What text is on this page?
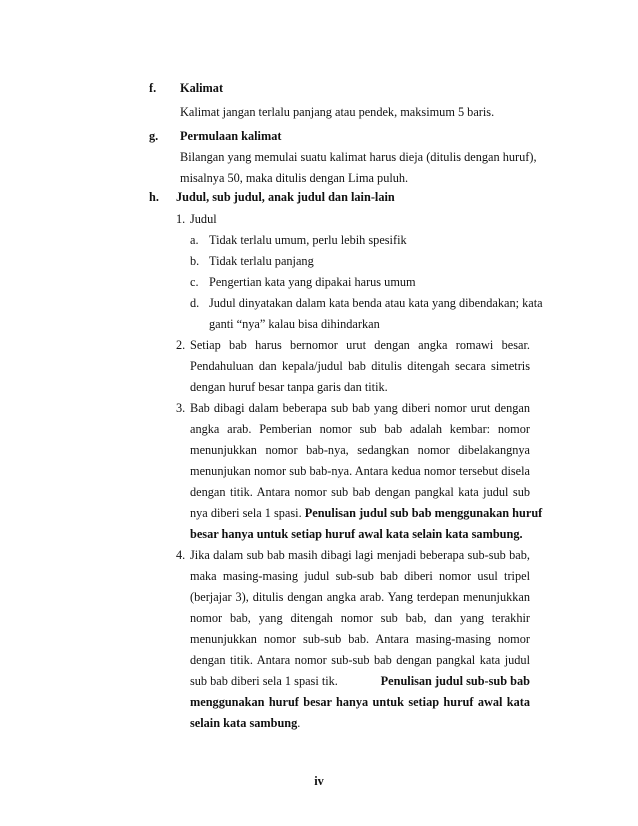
f. Kalimat
Kalimat jangan terlalu panjang atau pendek, maksimum 5 baris.
g. Permulaan kalimat
Bilangan yang memulai suatu kalimat harus dieja (ditulis dengan huruf),
misalnya 50, maka ditulis dengan Lima puluh.
h. Judul, sub judul, anak judul dan lain-lain
1. Judul
a. Tidak terlalu umum, perlu lebih spesifik
b. Tidak terlalu panjang
c. Pengertian kata yang dipakai harus umum
d. Judul dinyatakan dalam kata benda atau kata yang dibendakan; kata
ganti “nya” kalau bisa dihindarkan
2. Setiap bab harus bernomor urut dengan angka romawi besar.
Pendahuluan dan kepala/judul bab ditulis ditengah secara simetris
dengan huruf besar tanpa garis dan titik.
3. Bab dibagi dalam beberapa sub bab yang diberi nomor urut dengan
angka arab. Pemberian nomor sub bab adalah kembar: nomor
menunjukkan nomor bab-nya, sedangkan nomor dibelakangnya
menunjukan nomor sub bab-nya. Antara kedua nomor tersebut disela
dengan titik. Antara nomor sub bab dengan pangkal kata judul sub
nya diberi sela 1 spasi. Penulisan judul sub bab menggunakan huruf
besar hanya untuk setiap huruf awal kata selain kata sambung.
4. Jika dalam sub bab masih dibagi lagi menjadi beberapa sub-sub bab,
maka masing-masing judul sub-sub bab diberi nomor usul tripel
(berjajar 3), ditulis dengan angka arab. Yang terdepan menunjukkan
nomor bab, yang ditengah nomor sub bab, dan yang terakhir
menunjukkan nomor sub-sub bab. Antara masing-masing nomor
dengan titik. Antara nomor sub-sub bab dengan pangkal kata judul
sub bab diberi sela 1 spasi tik.	Penulisan judul sub-sub bab
menggunakan huruf besar hanya untuk setiap huruf awal kata
selain kata sambung.
iv
